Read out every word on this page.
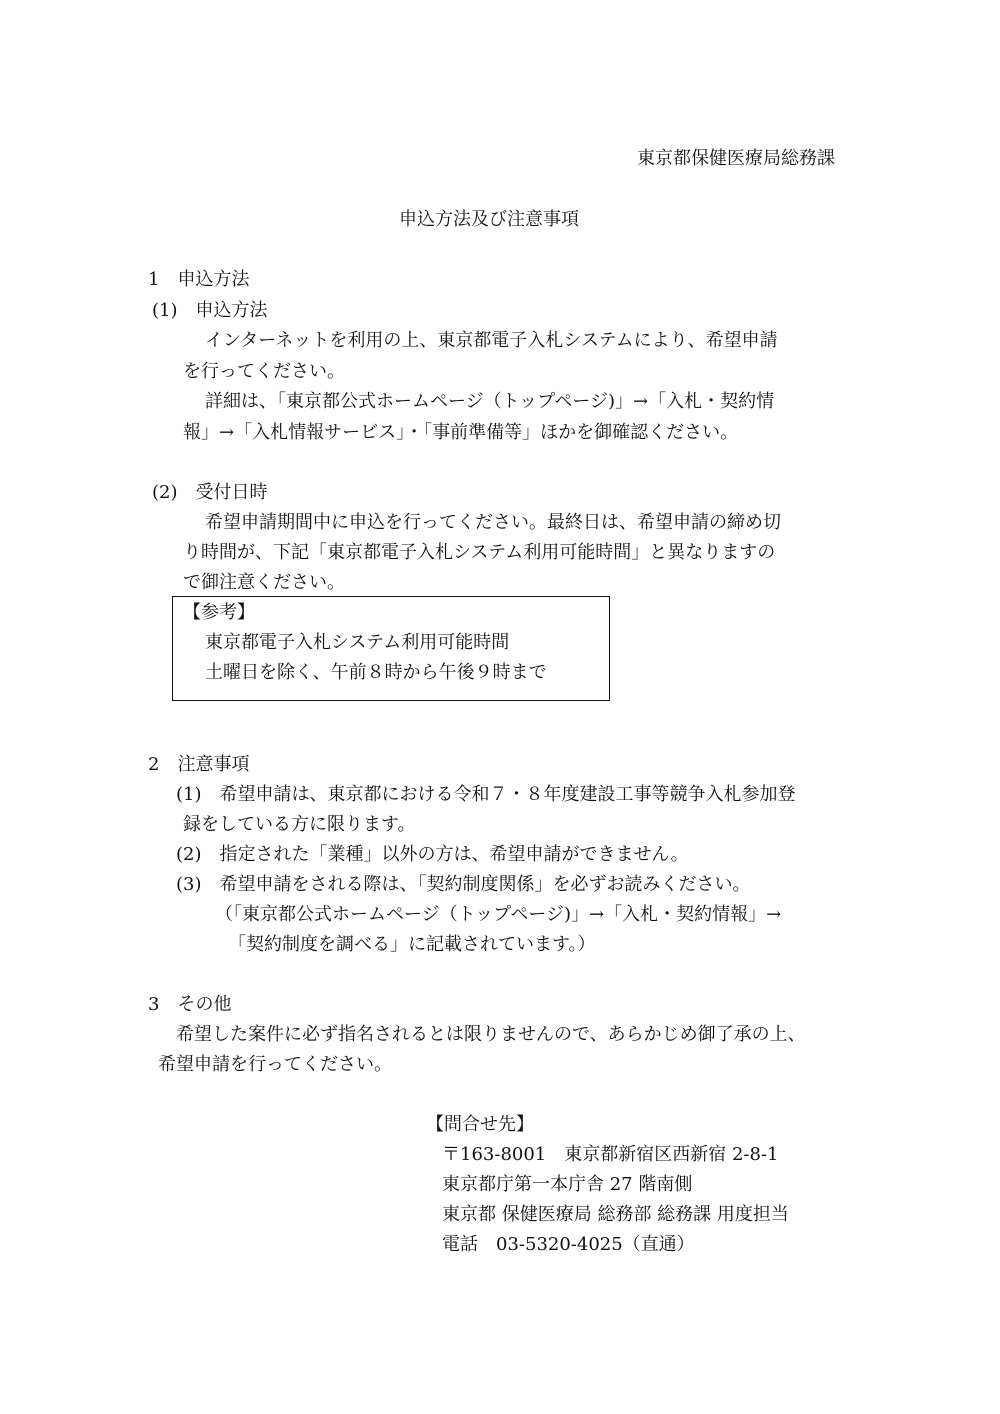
東京都保健医療局総務課
申込方法及び注意事項
1　申込方法
(1)　申込方法
インターネットを利用の上、東京都電子入札システムにより、希望申請
を行ってください。
詳細は、「東京都公式ホームページ（トップページ)」→「入札・契約情
報」→「入札情報サービス」・「事前準備等」ほかを御確認ください。
(2)　受付日時
希望申請期間中に申込を行ってください。最終日は、希望申請の締め切
り時間が、下記「東京都電子入札システム利用可能時間」と異なりますの
で御注意ください。
【参考】
東京都電子入札システム利用可能時間
土曜日を除く、午前８時から午後９時まで
2　注意事項
(1)　希望申請は、東京都における令和７・８年度建設工事等競争入札参加登
録をしている方に限ります。
(2)　指定された「業種」以外の方は、希望申請ができません。
(3)　希望申請をされる際は、「契約制度関係」を必ずお読みください。
（「東京都公式ホームページ（トップページ)」→「入札・契約情報」→
「契約制度を調べる」に記載されています。）
3　その他
希望した案件に必ず指名されるとは限りませんので、あらかじめ御了承の上、
希望申請を行ってください。
【問合せ先】
〒163-8001　東京都新宿区西新宿 2-8-1
東京都庁第一本庁舎 27 階南側
東京都 保健医療局 総務部 総務課 用度担当
電話　03-5320-4025（直通）
